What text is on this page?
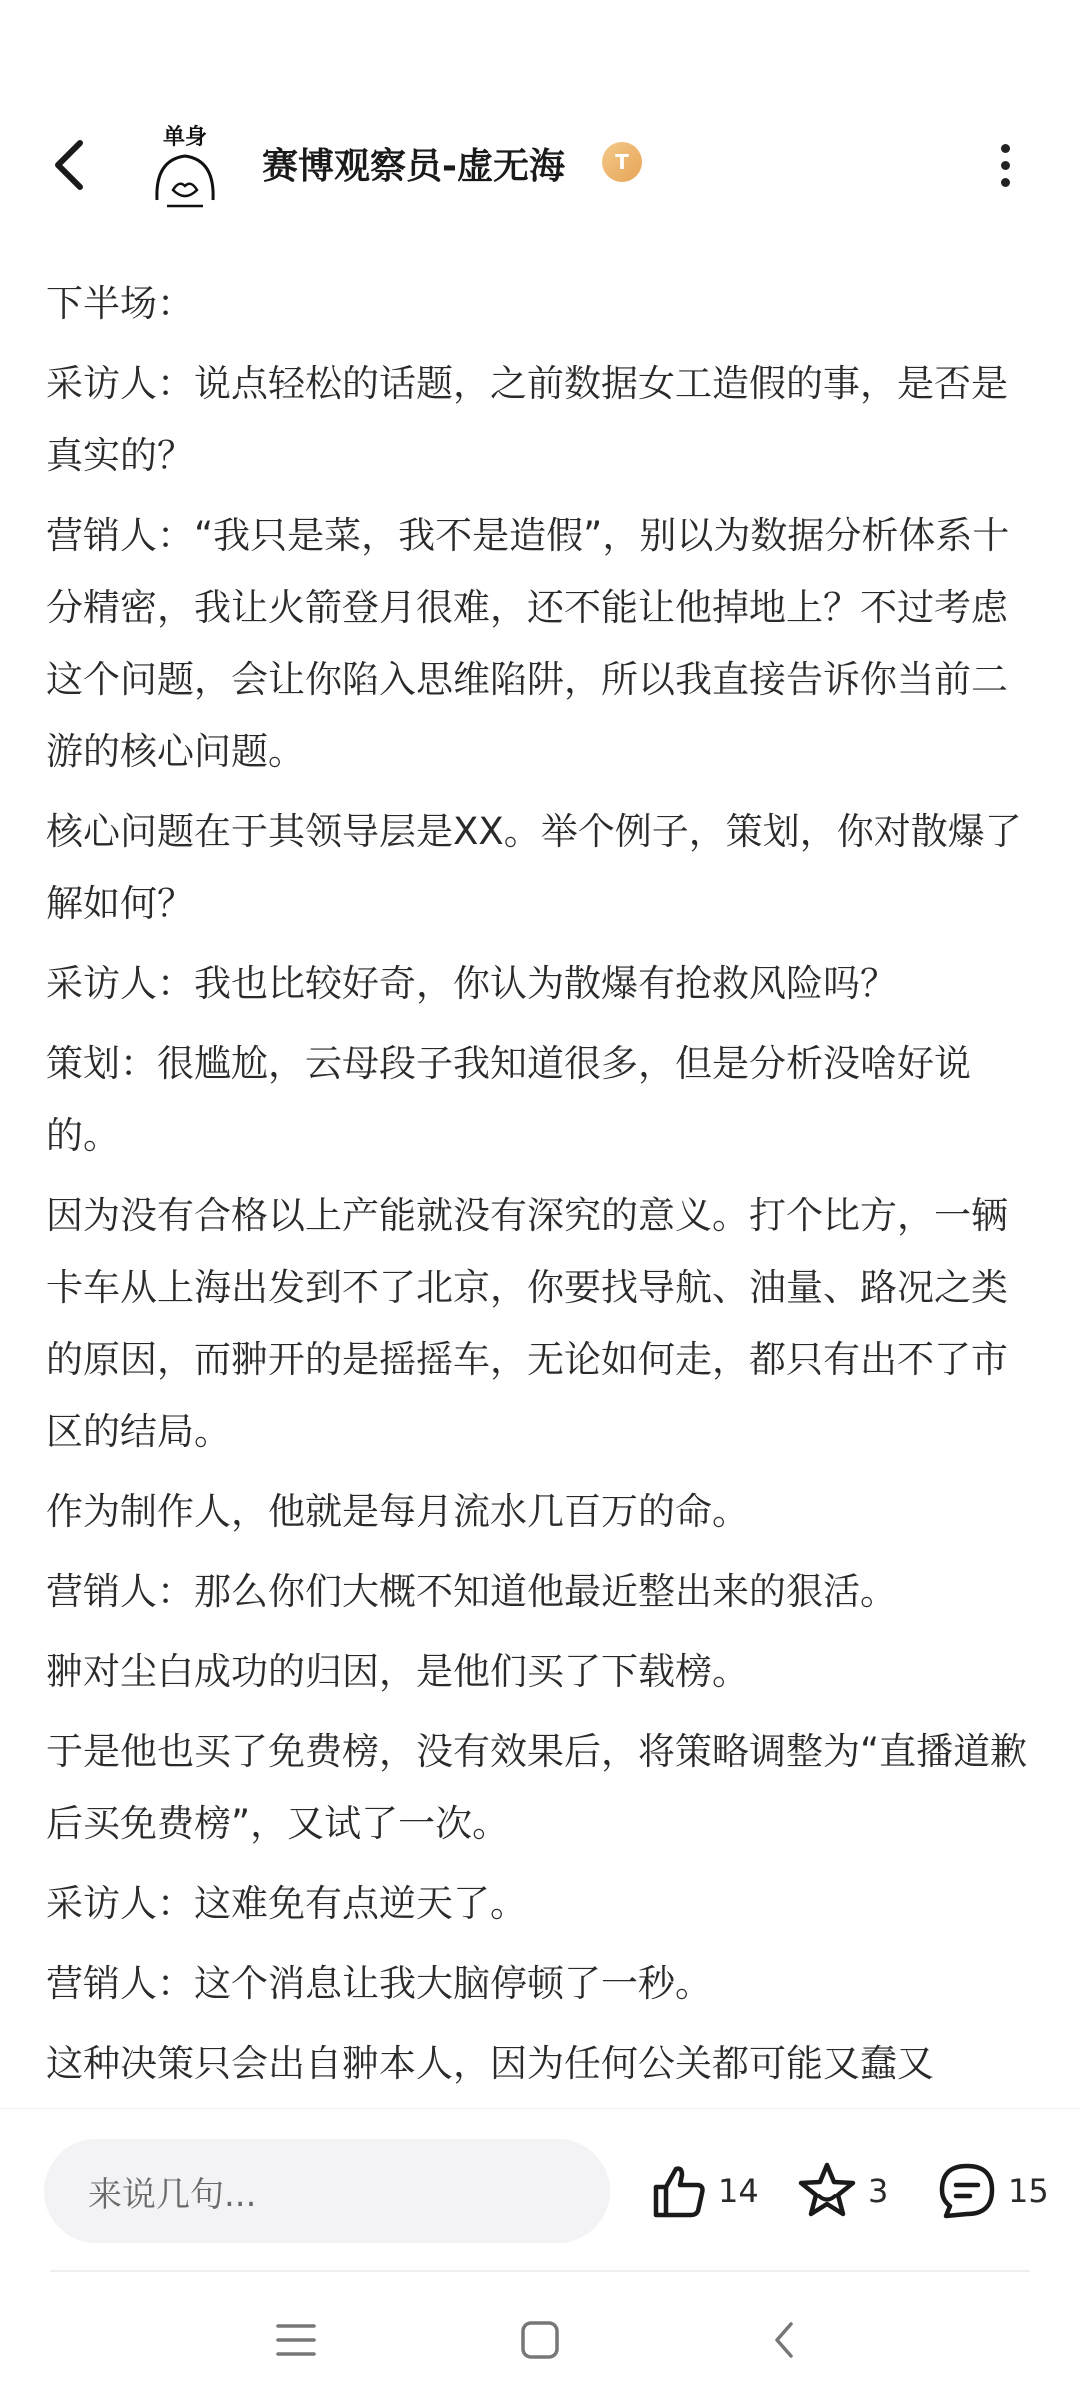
单身
赛博观察员-虚无海	T

下半场：

采访人：说点轻松的话题，之前数据女工造假的事，是否是真实的？

营销人：“我只是菜，我不是造假”，别以为数据分析体系十分精密，我让火箭登月很难，还不能让他掉地上？不过考虑这个问题，会让你陷入思维陷阱，所以我直接告诉你当前二游的核心问题。

核心问题在于其领导层是XX。举个例子，策划，你对散爆了解如何？

采访人：我也比较好奇，你认为散爆有抢救风险吗？

策划：很尴尬，云母段子我知道很多，但是分析没啥好说的。

因为没有合格以上产能就没有深究的意义。打个比方，一辆卡车从上海出发到不了北京，你要找导航、油量、路况之类的原因，而翀开的是摇摇车，无论如何走，都只有出不了市区的结局。

作为制作人，他就是每月流水几百万的命。

营销人：那么你们大概不知道他最近整出来的狠活。

翀对尘白成功的归因，是他们买了下载榜。

于是他也买了免费榜，没有效果后，将策略调整为“直播道歉后买免费榜”，又试了一次。

采访人：这难免有点逆天了。

营销人：这个消息让我大脑停顿了一秒。

这种决策只会出自翀本人，因为任何公关都可能又蠢又

来说几句...	14	3	15
